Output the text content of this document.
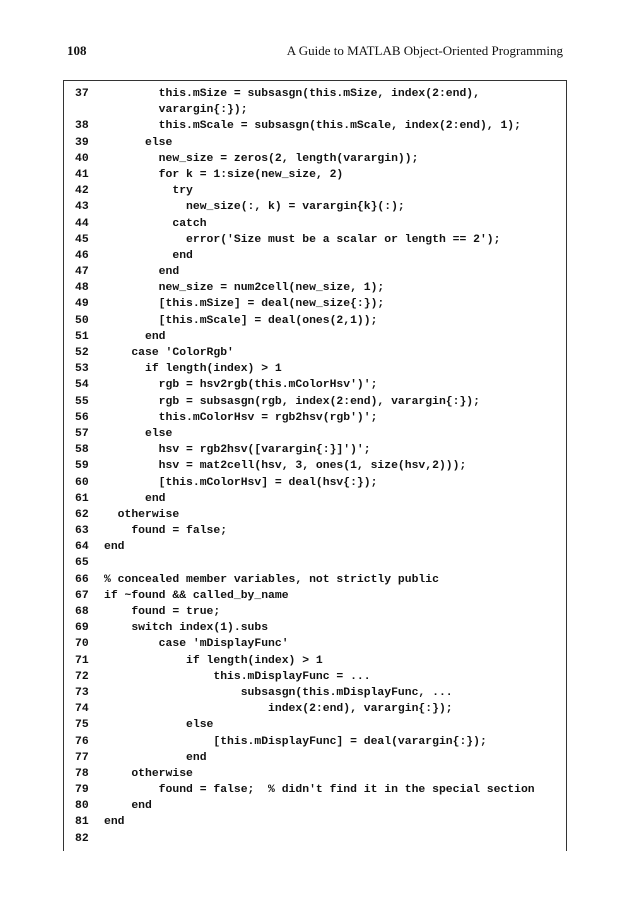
108	A Guide to MATLAB Object-Oriented Programming
37	this.mSize = subsasgn(this.mSize, index(2:end),
varargin{:});
38	this.mScale = subsasgn(this.mScale, index(2:end), 1);
39	else
40	new_size = zeros(2, length(varargin));
41	for k = 1:size(new_size, 2)
42	try
43	new_size(:, k) = varargin{k}(:);
44	catch
45	error('Size must be a scalar or length == 2');
46	end
47	end
48	new_size = num2cell(new_size, 1);
49	[this.mSize] = deal(new_size{:});
50	[this.mScale] = deal(ones(2,1));
51	end
52	case 'ColorRgb'
53	if length(index) > 1
54	rgb = hsv2rgb(this.mColorHsv')';
55	rgb = subsasgn(rgb, index(2:end), varargin{:});
56	this.mColorHsv = rgb2hsv(rgb')';
57	else
58	hsv = rgb2hsv([varargin{:}]')';
59	hsv = mat2cell(hsv, 3, ones(1, size(hsv,2)));
60	[this.mColorHsv] = deal(hsv{:});
61	end
62	otherwise
63	found = false;
64	end
65
66	% concealed member variables, not strictly public
67	if ~found && called_by_name
68	found = true;
69	switch index(1).subs
70	case 'mDisplayFunc'
71	if length(index) > 1
72	this.mDisplayFunc = ...
73	subsasgn(this.mDisplayFunc, ...
74	index(2:end), varargin{:});
75	else
76	[this.mDisplayFunc] = deal(varargin{:});
77	end
78	otherwise
79	found = false;  % didn't find it in the special section
80	end
81	end
82
